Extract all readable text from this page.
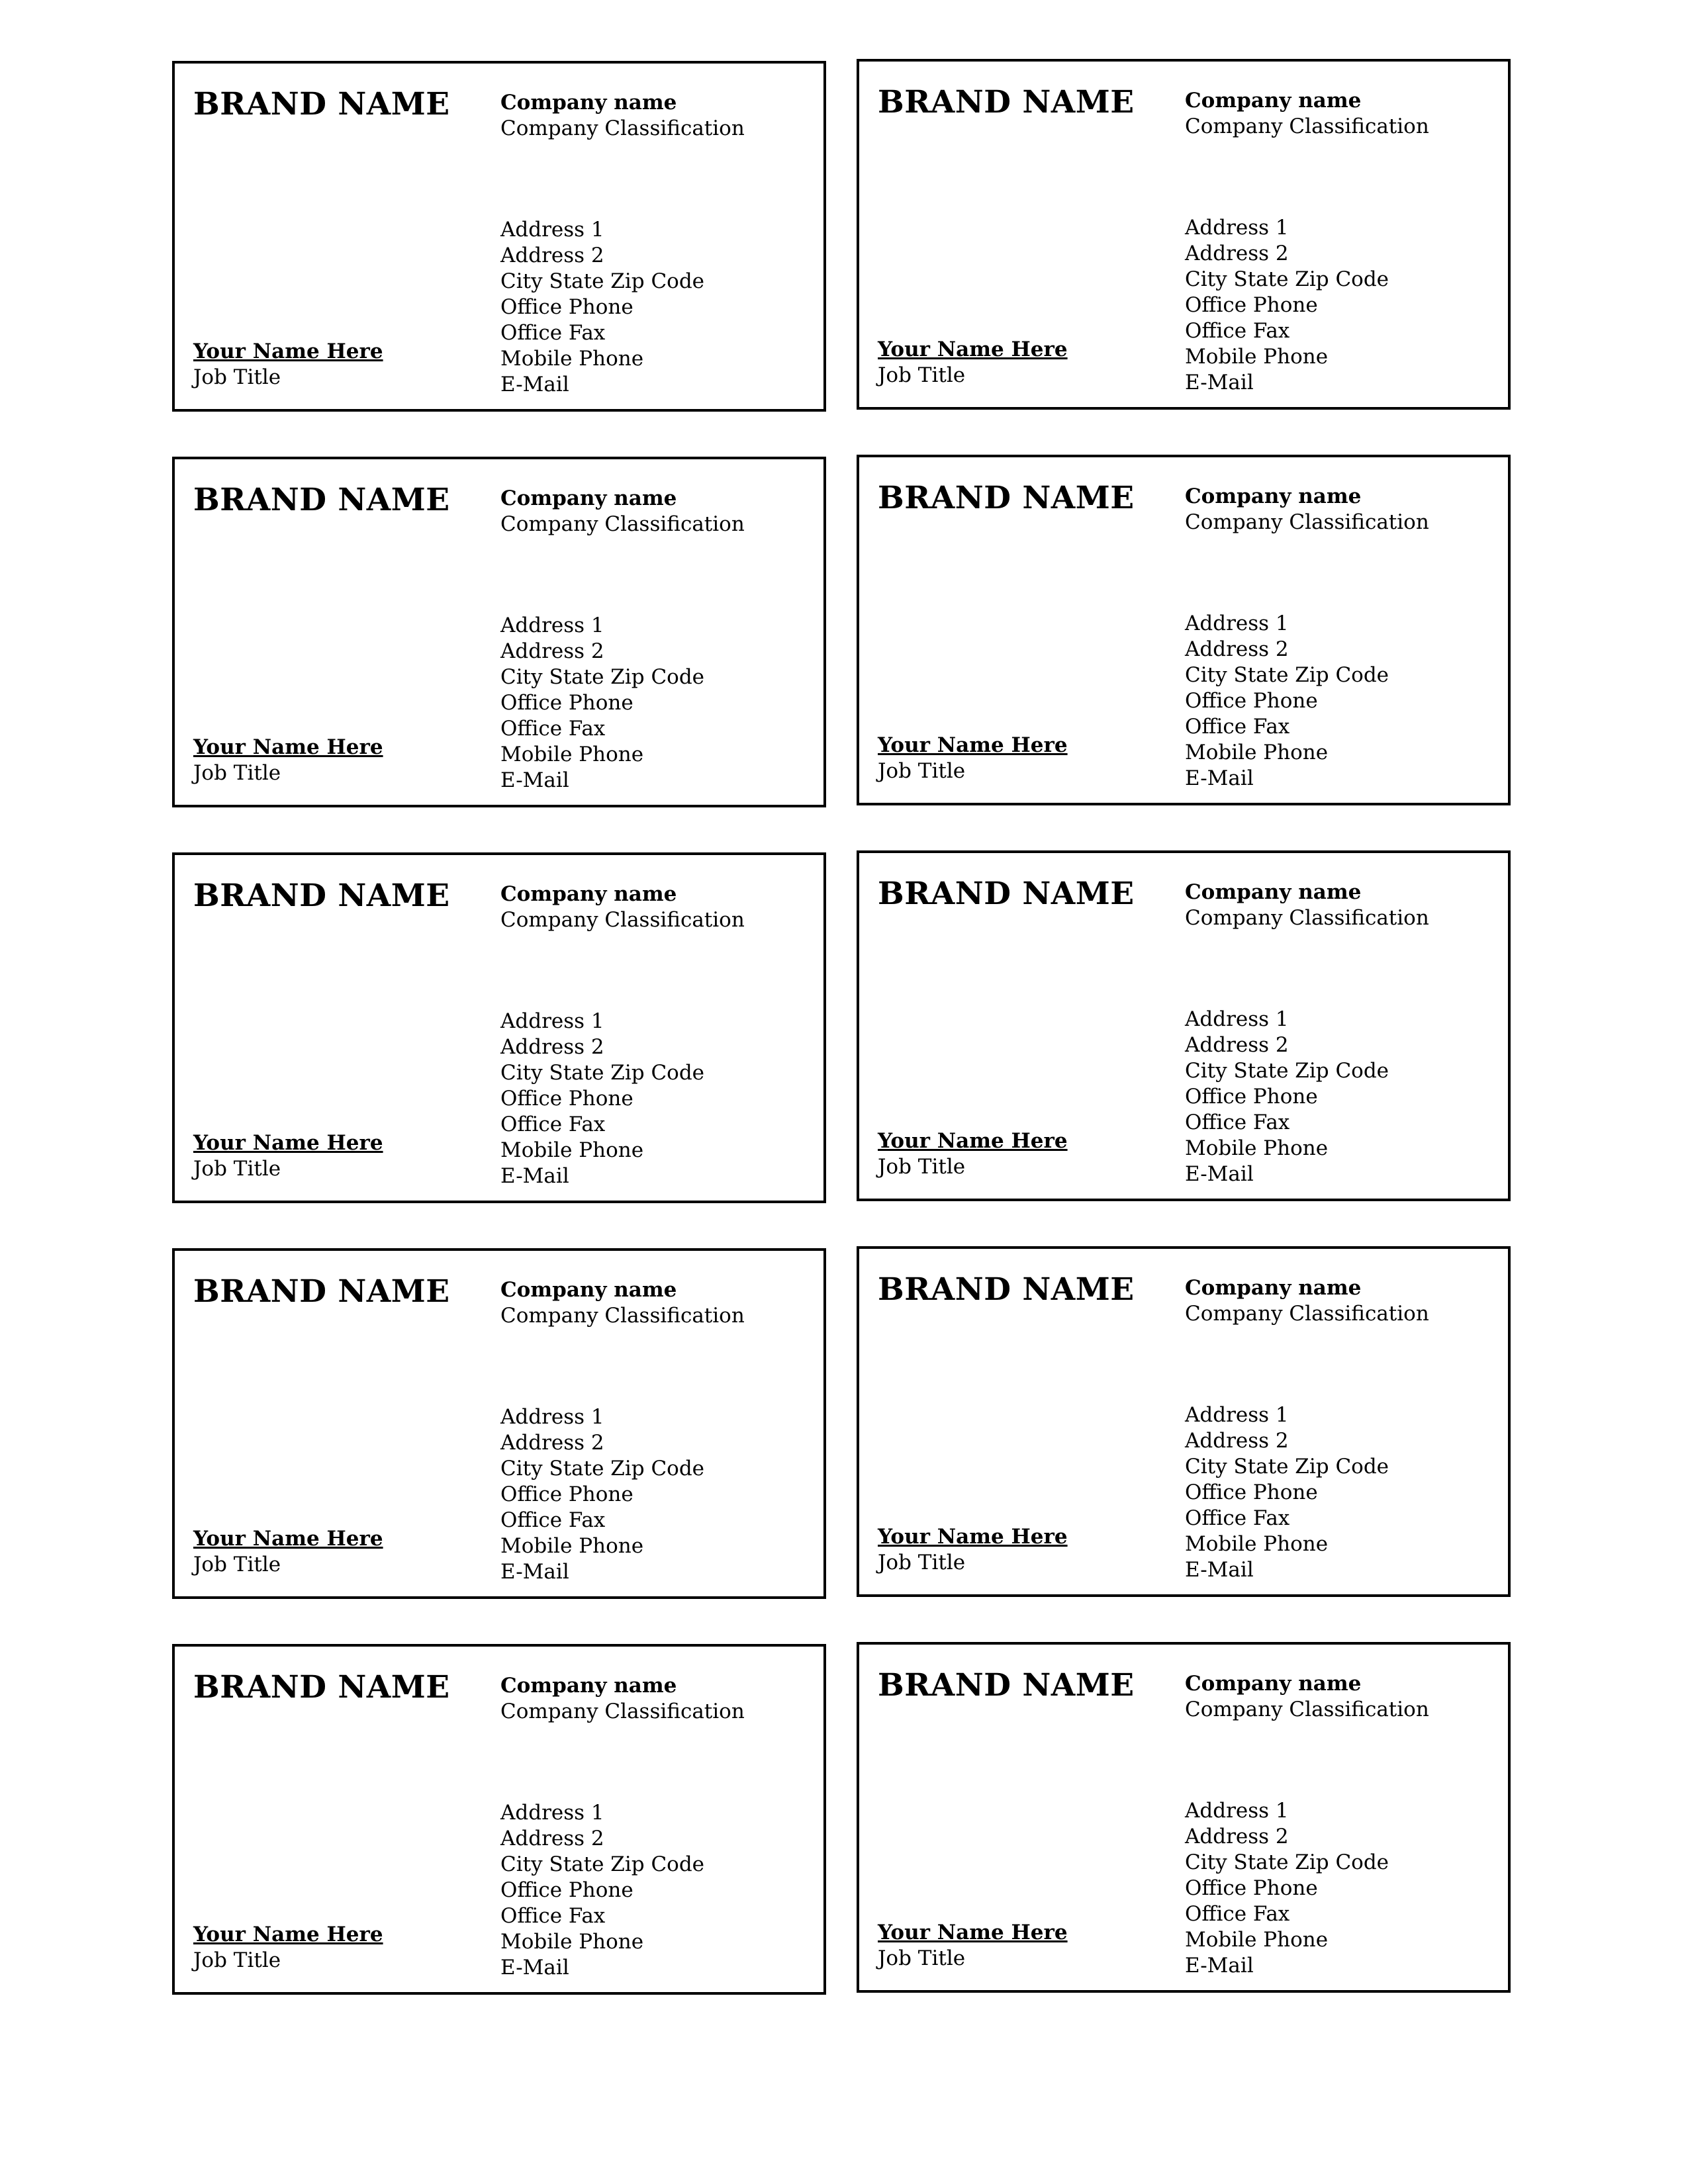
BRAND NAME Company name
Company Classification
Address 1
Address 2
City State Zip Code
Office Phone
Office Fax
Mobile Phone
E-Mail
Your Name Here
Job Title
BRAND NAME Company name
Company Classification
Address 1
Address 2
City State Zip Code
Office Phone
Office Fax
Mobile Phone
E-Mail
Your Name Here
Job Title
BRAND NAME Company name
Company Classification
Address 1
Address 2
City State Zip Code
Office Phone
Office Fax
Mobile Phone
E-Mail
Your Name Here
Job Title
BRAND NAME Company name
Company Classification
Address 1
Address 2
City State Zip Code
Office Phone
Office Fax
Mobile Phone
E-Mail
Your Name Here
Job Title
BRAND NAME Company name
Company Classification
Address 1
Address 2
City State Zip Code
Office Phone
Office Fax
Mobile Phone
E-Mail
Your Name Here
Job Title
BRAND NAME Company name
Company Classification
Address 1
Address 2
City State Zip Code
Office Phone
Office Fax
Mobile Phone
E-Mail
Your Name Here
Job Title
BRAND NAME Company name
Company Classification
Address 1
Address 2
City State Zip Code
Office Phone
Office Fax
Mobile Phone
E-Mail
Your Name Here
Job Title
BRAND NAME Company name
Company Classification
Address 1
Address 2
City State Zip Code
Office Phone
Office Fax
Mobile Phone
E-Mail
Your Name Here
Job Title
BRAND NAME Company name
Company Classification
Address 1
Address 2
City State Zip Code
Office Phone
Office Fax
Mobile Phone
E-Mail
Your Name Here
Job Title
BRAND NAME Company name
Company Classification
Address 1
Address 2
City State Zip Code
Office Phone
Office Fax
Mobile Phone
E-Mail
Your Name Here
Job Title
